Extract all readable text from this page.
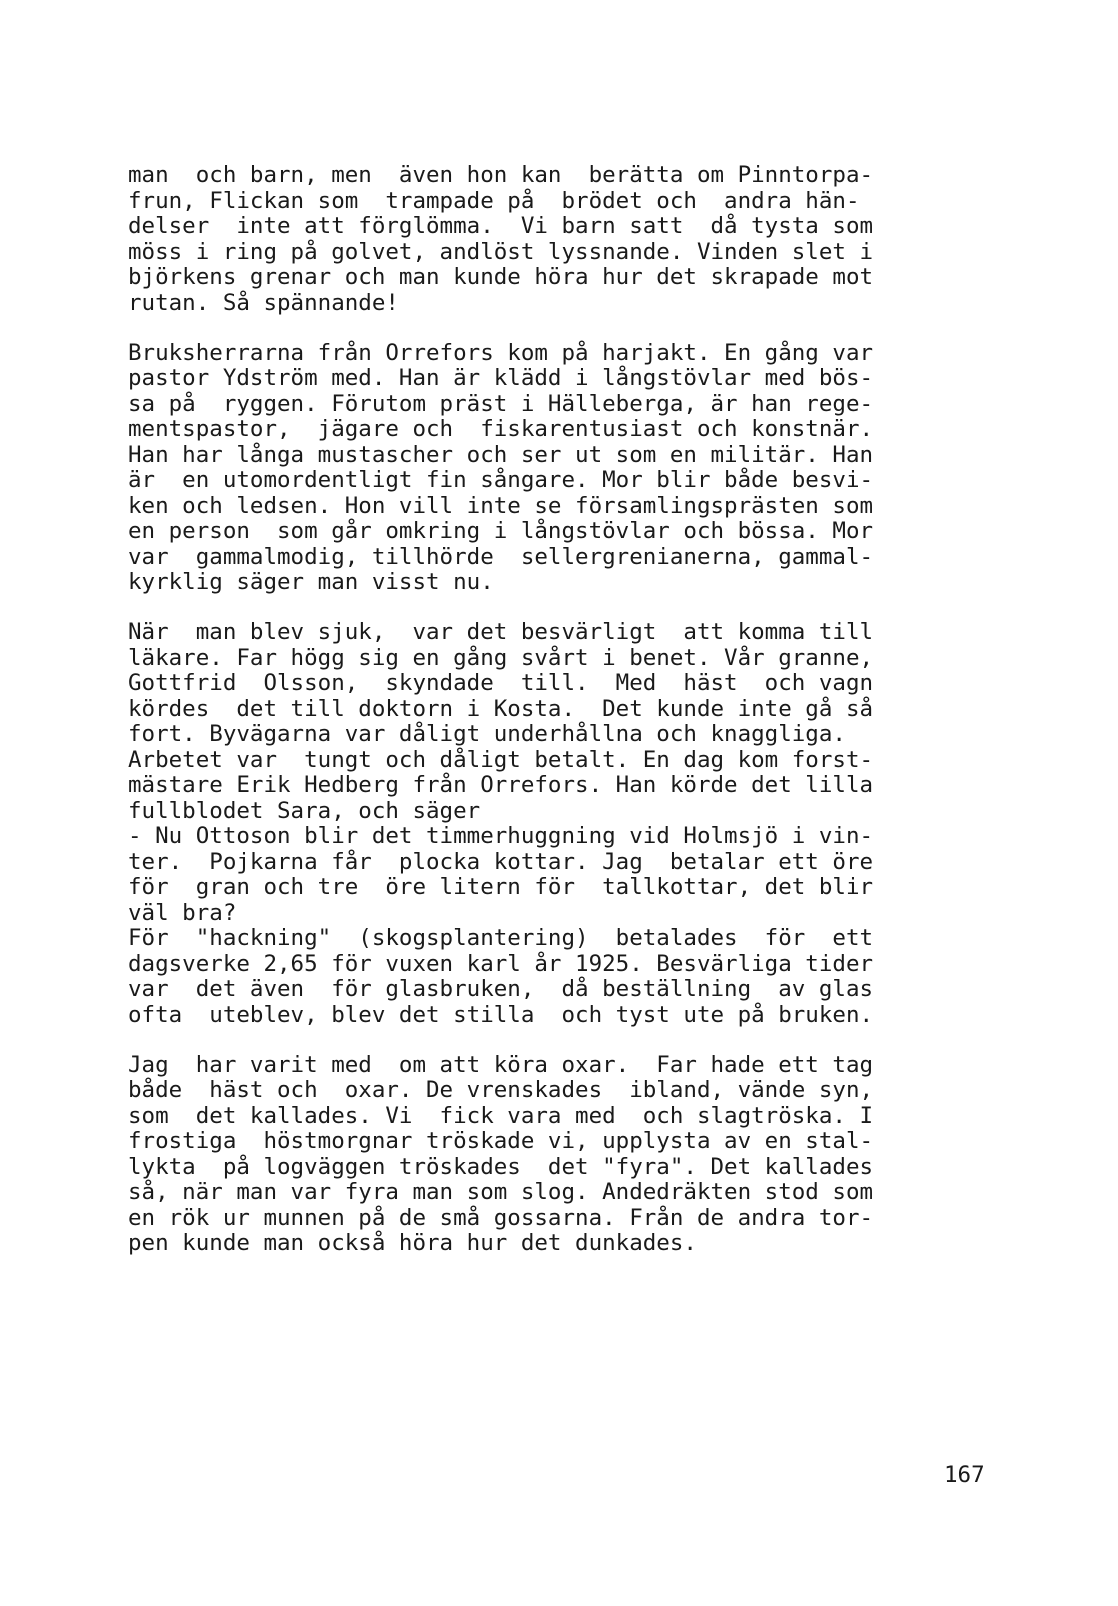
man  och barn, men  även hon kan  berätta om Pinntorpa-
frun, Flickan som  trampade på  brödet och  andra hän-
delser  inte att förglömma.  Vi barn satt  då tysta som
möss i ring på golvet, andlöst lyssnande. Vinden slet i
björkens grenar och man kunde höra hur det skrapade mot
rutan. Så spännande!

Bruksherrarna från Orrefors kom på harjakt. En gång var
pastor Ydström med. Han är klädd i långstövlar med bös-
sa på  ryggen. Förutom präst i Hälleberga, är han rege-
mentspastor,  jägare och  fiskarentusiast och konstnär.
Han har långa mustascher och ser ut som en militär. Han
är  en utomordentligt fin sångare. Mor blir både besvi-
ken och ledsen. Hon vill inte se församlingsprästen som
en person  som går omkring i långstövlar och bössa. Mor
var  gammalmodig, tillhörde  sellergrenianerna, gammal-
kyrklig säger man visst nu.

När  man blev sjuk,  var det besvärligt  att komma till
läkare. Far högg sig en gång svårt i benet. Vår granne,
Gottfrid  Olsson,  skyndade  till.  Med  häst  och vagn
kördes  det till doktorn i Kosta.  Det kunde inte gå så
fort. Byvägarna var dåligt underhållna och knaggliga.
Arbetet var  tungt och dåligt betalt. En dag kom forst-
mästare Erik Hedberg från Orrefors. Han körde det lilla
fullblodet Sara, och säger
- Nu Ottoson blir det timmerhuggning vid Holmsjö i vin-
ter.  Pojkarna får  plocka kottar. Jag  betalar ett öre
för  gran och tre  öre litern för  tallkottar, det blir
väl bra?
För  "hackning"  (skogsplantering)  betalades  för  ett
dagsverke 2,65 för vuxen karl år 1925. Besvärliga tider
var  det även  för glasbruken,  då beställning  av glas
ofta  uteblev, blev det stilla  och tyst ute på bruken.

Jag  har varit med  om att köra oxar.  Far hade ett tag
både  häst och  oxar. De vrenskades  ibland, vände syn,
som  det kallades. Vi  fick vara med  och slagtröska. I
frostiga  höstmorgnar tröskade vi, upplysta av en stal-
lykta  på logväggen tröskades  det "fyra". Det kallades
så, när man var fyra man som slog. Andedräkten stod som
en rök ur munnen på de små gossarna. Från de andra tor-
pen kunde man också höra hur det dunkades.

167
